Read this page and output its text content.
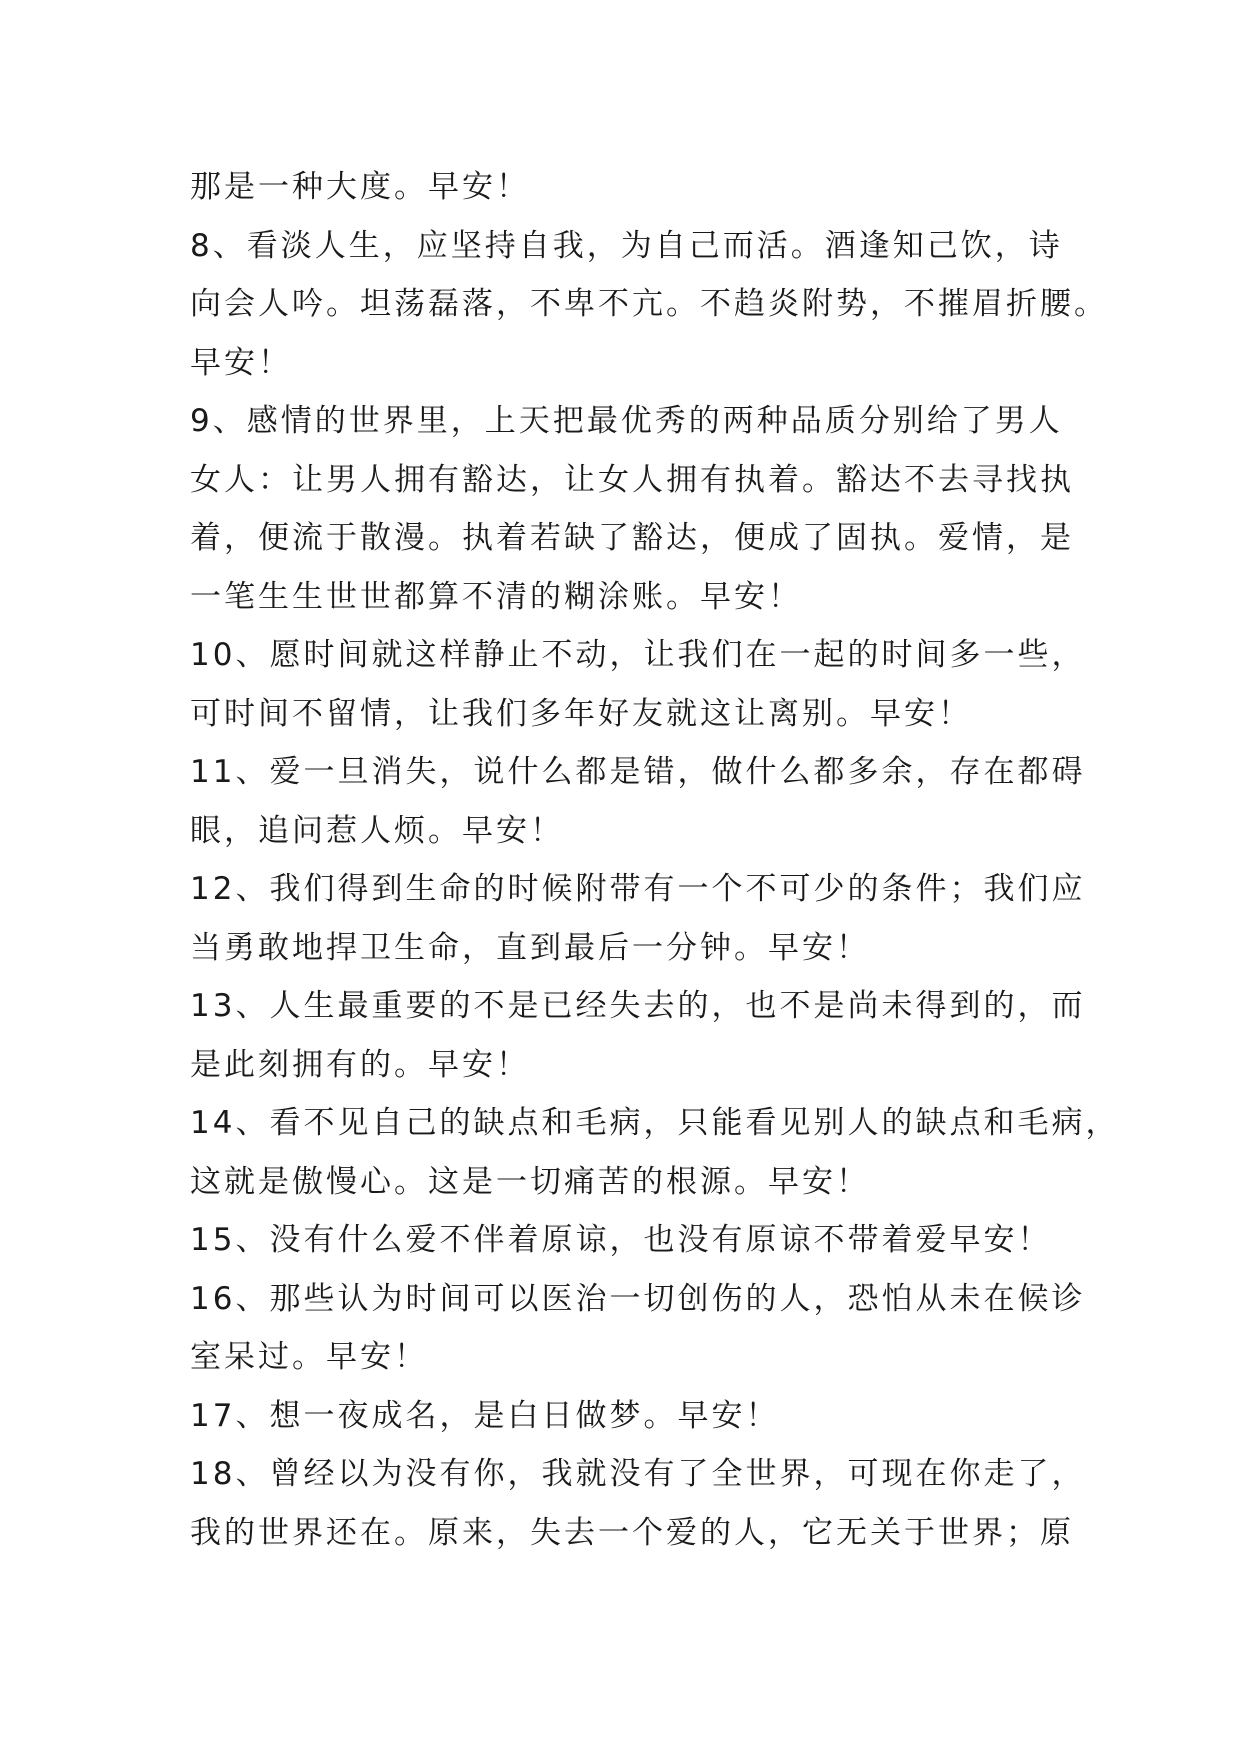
那是一种大度。早安！
8、看淡人生，应坚持自我，为自己而活。酒逢知己饮，诗
向会人吟。坦荡磊落，不卑不亢。不趋炎附势，不摧眉折腰。
早安！
9、感情的世界里，上天把最优秀的两种品质分别给了男人
女人：让男人拥有豁达，让女人拥有执着。豁达不去寻找执
着，便流于散漫。执着若缺了豁达，便成了固执。爱情，是
一笔生生世世都算不清的糊涂账。早安！
10、愿时间就这样静止不动，让我们在一起的时间多一些，
可时间不留情，让我们多年好友就这让离别。早安！
11、爱一旦消失，说什么都是错，做什么都多余，存在都碍
眼，追问惹人烦。早安！
12、我们得到生命的时候附带有一个不可少的条件；我们应
当勇敢地捍卫生命，直到最后一分钟。早安！
13、人生最重要的不是已经失去的，也不是尚未得到的，而
是此刻拥有的。早安！
14、看不见自己的缺点和毛病，只能看见别人的缺点和毛病，
这就是傲慢心。这是一切痛苦的根源。早安！
15、没有什么爱不伴着原谅，也没有原谅不带着爱早安！
16、那些认为时间可以医治一切创伤的人，恐怕从未在候诊
室呆过。早安！
17、想一夜成名，是白日做梦。早安！
18、曾经以为没有你，我就没有了全世界，可现在你走了，
我的世界还在。原来，失去一个爱的人，它无关于世界；原
